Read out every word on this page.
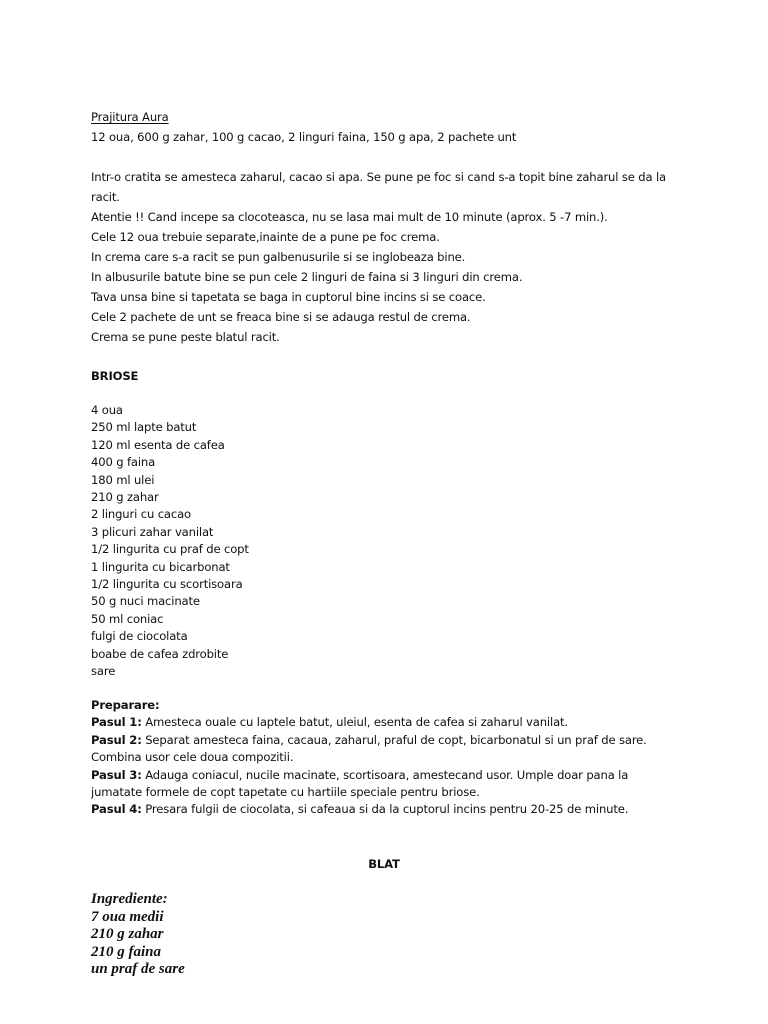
Prajitura Aura
12 oua, 600 g zahar, 100 g cacao, 2 linguri faina, 150 g apa, 2 pachete unt
Intr-o cratita se amesteca zaharul, cacao si apa. Se pune pe foc si cand s-a topit bine zaharul se da la
racit.
Atentie !! Cand incepe sa clocoteasca, nu se lasa mai mult de 10 minute (aprox. 5 -7 min.).
Cele 12 oua trebuie separate,inainte de a pune pe foc crema.
In crema care s-a racit se pun galbenusurile si se inglobeaza bine.
In albusurile batute bine se pun cele 2 linguri de faina si 3 linguri din crema.
Tava unsa bine si tapetata se baga in cuptorul bine incins si se coace.
Cele 2 pachete de unt se freaca bine si se adauga restul de crema.
Crema se pune peste blatul racit.
BRIOSE
4 oua
250 ml lapte batut
120 ml esenta de cafea
400 g faina
180 ml ulei
210 g zahar
2 linguri cu cacao
3 plicuri zahar vanilat
1/2 lingurita cu praf de copt
1 lingurita cu bicarbonat
1/2 lingurita cu scortisoara
50 g nuci macinate
50 ml coniac
fulgi de ciocolata
boabe de cafea zdrobite
sare
Preparare:
Pasul 1: Amesteca ouale cu laptele batut, uleiul, esenta de cafea si zaharul vanilat.
Pasul 2: Separat amesteca faina, cacaua, zaharul, praful de copt, bicarbonatul si un praf de sare.
Combina usor cele doua compozitii.
Pasul 3: Adauga coniacul, nucile macinate, scortisoara, amestecand usor. Umple doar pana la
jumatate formele de copt tapetate cu hartiile speciale pentru briose.
Pasul 4: Presara fulgii de ciocolata, si cafeaua si da la cuptorul incins pentru 20-25 de minute.
BLAT
Ingrediente:
7 oua medii
210 g zahar
210 g faina
un praf de sare
